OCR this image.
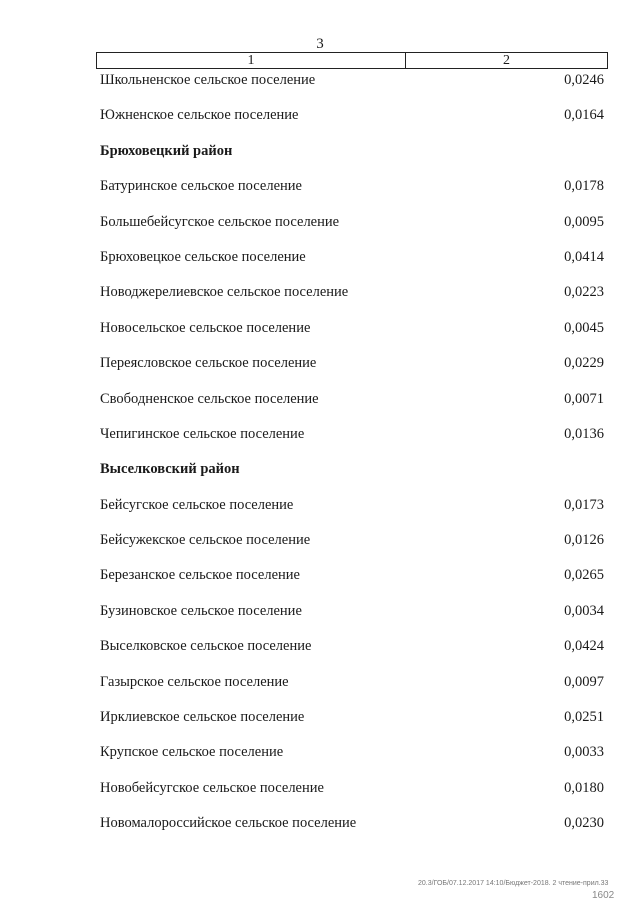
3
1	2
Школьненское сельское поселение	0,0246
Южненское сельское поселение	0,0164
Брюховецкий район
Батуринское сельское поселение	0,0178
Большебейсугское сельское поселение	0,0095
Брюховецкое сельское поселение	0,0414
Новоджерелиевское сельское поселение	0,0223
Новосельское сельское поселение	0,0045
Переясловское сельское поселение	0,0229
Свободненское сельское поселение	0,0071
Чепигинское сельское поселение	0,0136
Выселковский район
Бейсугское сельское поселение	0,0173
Бейсужекское сельское поселение	0,0126
Березанское сельское поселение	0,0265
Бузиновское сельское поселение	0,0034
Выселковское сельское поселение	0,0424
Газырское сельское поселение	0,0097
Ирклиевское сельское поселение	0,0251
Крупское сельское поселение	0,0033
Новобейсугское сельское поселение	0,0180
Новомалороссийское сельское поселение	0,0230
20.3/ГОБ/07.12.2017 14:10/Бюджет-2018. 2 чтение-прил.33
1602
